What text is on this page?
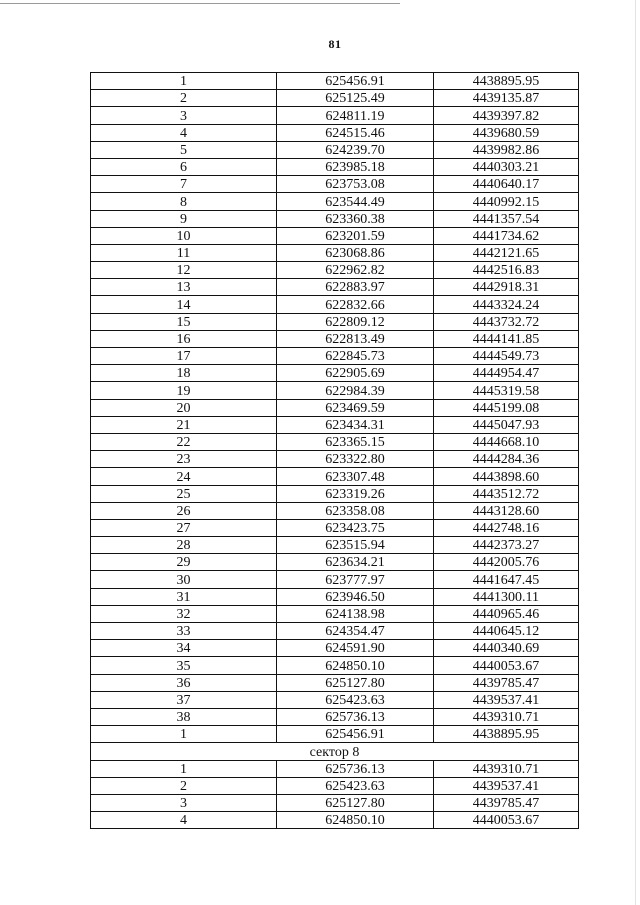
81
1	625456.91	4438895.95
2	625125.49	4439135.87
3	624811.19	4439397.82
4	624515.46	4439680.59
5	624239.70	4439982.86
6	623985.18	4440303.21
7	623753.08	4440640.17
8	623544.49	4440992.15
9	623360.38	4441357.54
10	623201.59	4441734.62
11	623068.86	4442121.65
12	622962.82	4442516.83
13	622883.97	4442918.31
14	622832.66	4443324.24
15	622809.12	4443732.72
16	622813.49	4444141.85
17	622845.73	4444549.73
18	622905.69	4444954.47
19	622984.39	4445319.58
20	623469.59	4445199.08
21	623434.31	4445047.93
22	623365.15	4444668.10
23	623322.80	4444284.36
24	623307.48	4443898.60
25	623319.26	4443512.72
26	623358.08	4443128.60
27	623423.75	4442748.16
28	623515.94	4442373.27
29	623634.21	4442005.76
30	623777.97	4441647.45
31	623946.50	4441300.11
32	624138.98	4440965.46
33	624354.47	4440645.12
34	624591.90	4440340.69
35	624850.10	4440053.67
36	625127.80	4439785.47
37	625423.63	4439537.41
38	625736.13	4439310.71
1	625456.91	4438895.95
сектор 8		
1	625736.13	4439310.71
2	625423.63	4439537.41
3	625127.80	4439785.47
4	624850.10	4440053.67
